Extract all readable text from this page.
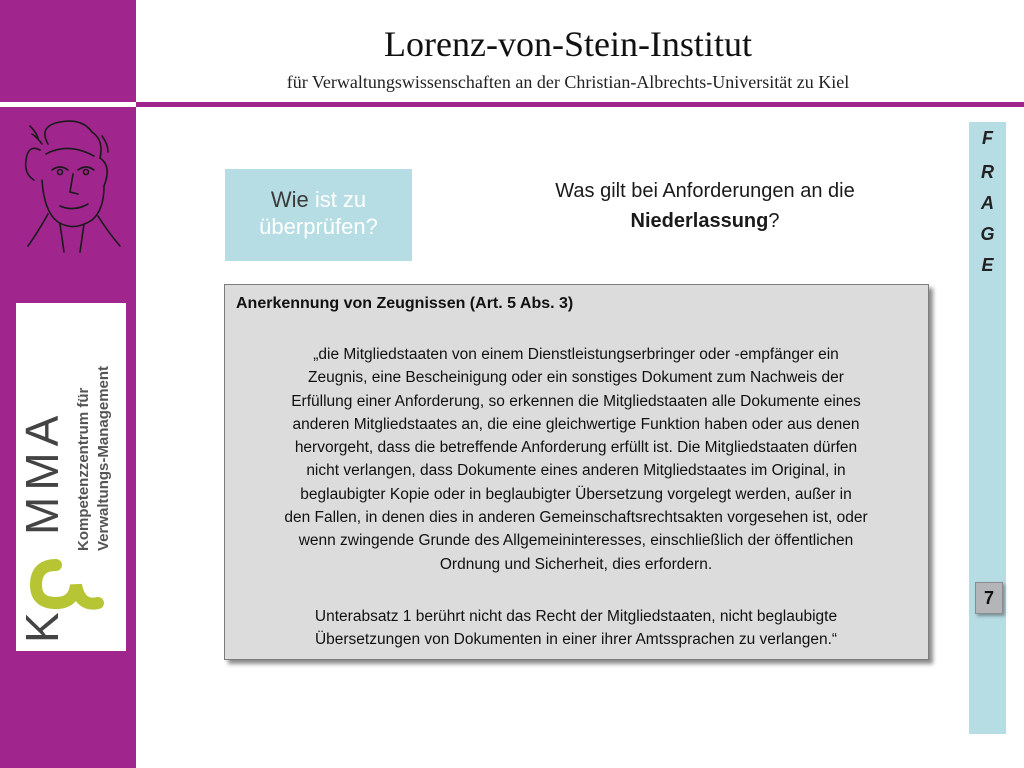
Lorenz-von-Stein-Institut
für Verwaltungswissenschaften an der Christian-Albrechts-Universität zu Kiel
K
MMA Kompetenzzentrum für Verwaltungs-Management
F
R
A
G
E
7
Wie ist zu
überprüfen?
Was gilt bei Anforderungen an die
Niederlassung?
Anerkennung von Zeugnissen (Art. 5 Abs. 3)
„die Mitgliedstaaten von einem Dienstleistungserbringer oder -empfänger ein
Zeugnis, eine Bescheinigung oder ein sonstiges Dokument zum Nachweis der
Erfüllung einer Anforderung, so erkennen die Mitgliedstaaten alle Dokumente eines
anderen Mitgliedstaates an, die eine gleichwertige Funktion haben oder aus denen
hervorgeht, dass die betreffende Anforderung erfüllt ist. Die Mitgliedstaaten dürfen
nicht verlangen, dass Dokumente eines anderen Mitgliedstaates im Original, in
beglaubigter Kopie oder in beglaubigter Übersetzung vorgelegt werden, außer in
den Fallen, in denen dies in anderen Gemeinschaftsrechtsakten vorgesehen ist, oder
wenn zwingende Grunde des Allgemeininteresses, einschließlich der öffentlichen
Ordnung und Sicherheit, dies erfordern.
Unterabsatz 1 berührt nicht das Recht der Mitgliedstaaten, nicht beglaubigte
Übersetzungen von Dokumenten in einer ihrer Amtssprachen zu verlangen.“
